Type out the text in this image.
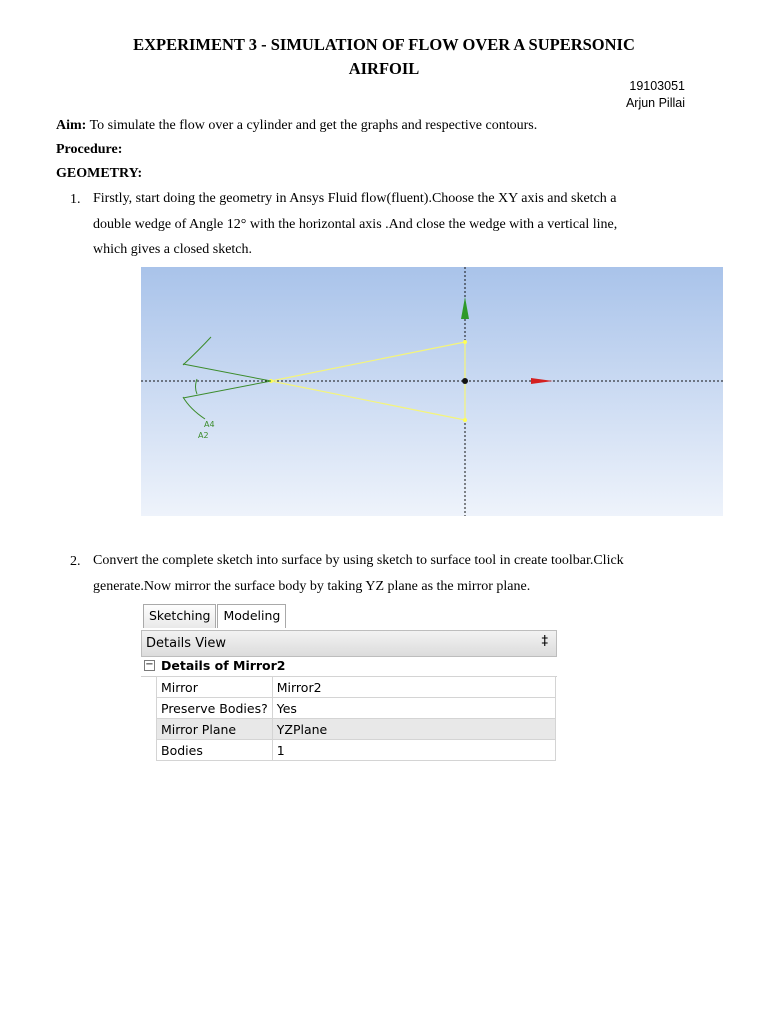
EXPERIMENT 3 - SIMULATION OF FLOW OVER A SUPERSONIC
AIRFOIL
19103051
Arjun Pillai
Aim: To simulate the flow over a cylinder and get the graphs and respective contours.
Procedure:
GEOMETRY:
1. Firstly, start doing the geometry in Ansys Fluid flow(fluent).Choose the XY axis and sketch a
double wedge of Angle 12° with the horizontal axis .And close the wedge with a vertical line,
which gives a closed sketch.
A4
A2
2. Convert the complete sketch into surface by using sketch to surface tool in create toolbar.Click
generate.Now mirror the surface body by taking YZ plane as the mirror plane.
Sketching	Modeling
Details View	‡
− Details of Mirror2
Mirror	Mirror2
Preserve Bodies?	Yes
Mirror Plane	YZPlane
Bodies	1
